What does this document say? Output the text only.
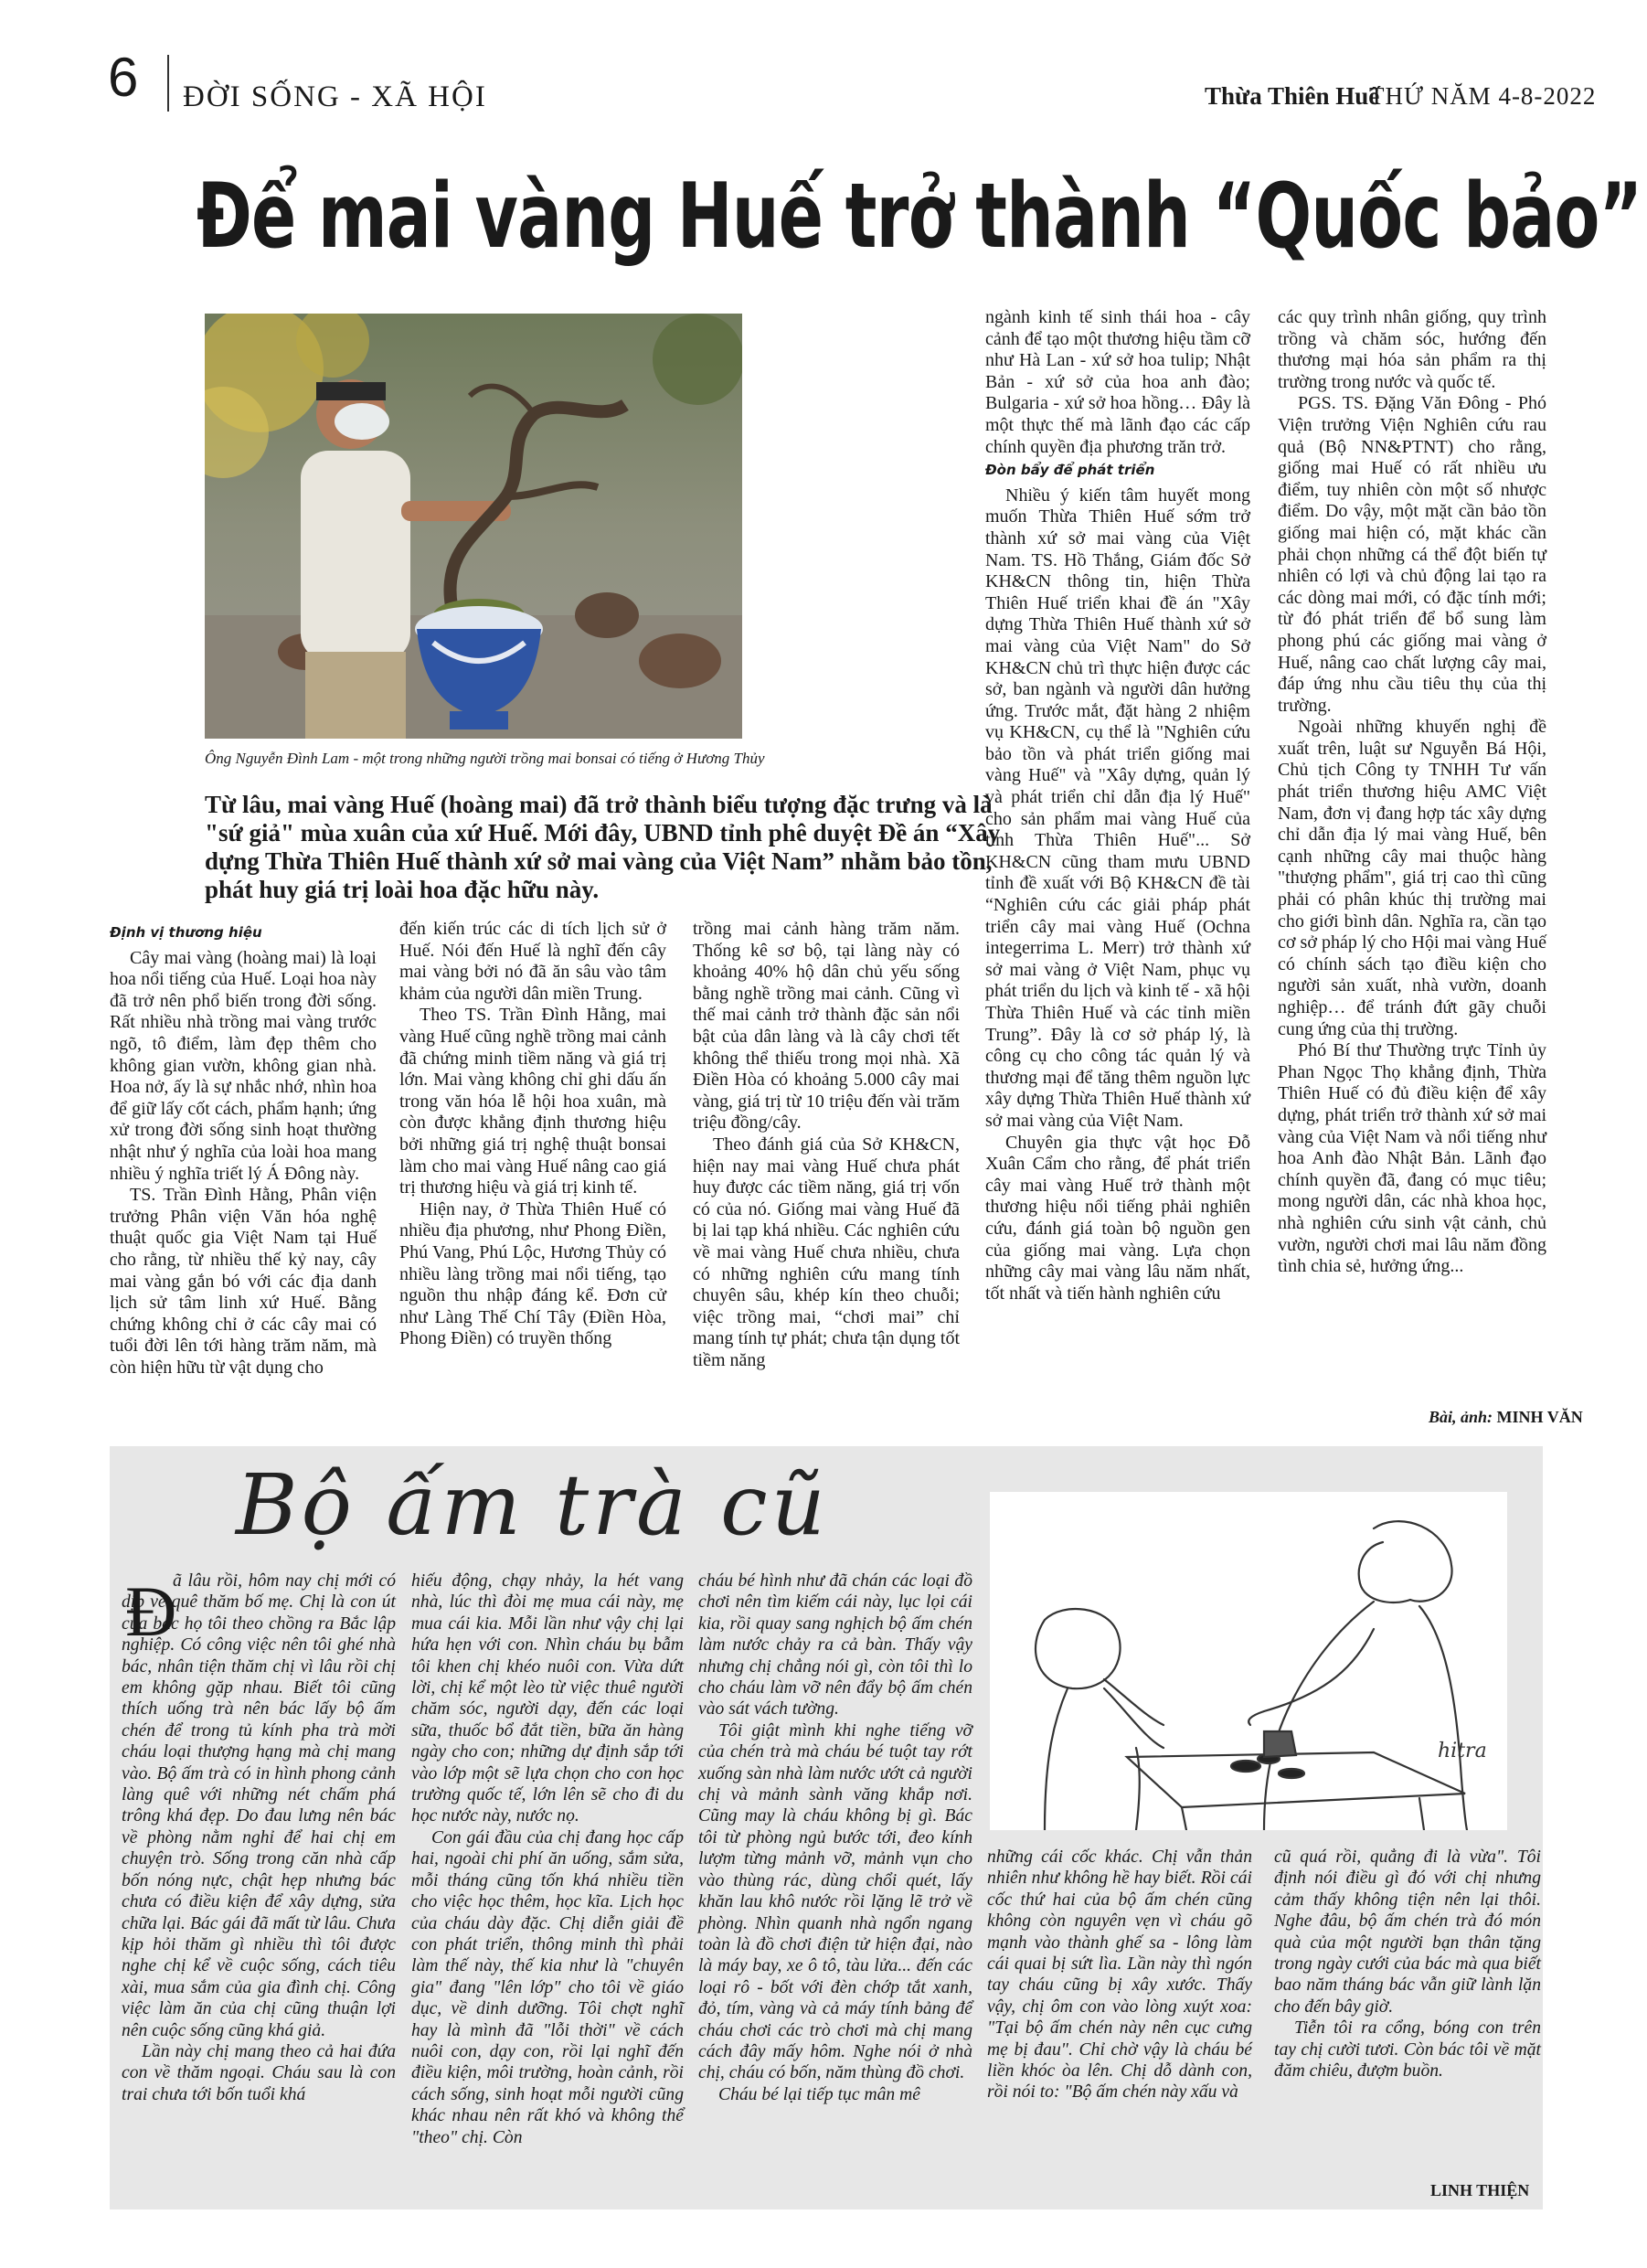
6 ĐỜI SỐNG - XÃ HỘI	Thừa Thiên Huế
THỨ NĂM 4-8-2022
Để mai vàng Huế trở thành “Quốc bảo”
Ông Nguyễn Đình Lam - một trong những người trồng mai bonsai có tiếng ở Hương Thủy
Từ lâu, mai vàng Huế (hoàng mai) đã trở thành biểu tượng đặc trưng và là "sứ giả" mùa xuân của xứ Huế. Mới đây, UBND tỉnh phê duyệt Đề án “Xây dựng Thừa Thiên Huế thành xứ sở mai vàng của Việt Nam” nhằm bảo tồn, phát huy giá trị loài hoa đặc hữu này.
Định vị thương hiệu

Cây mai vàng (hoàng mai) là loại hoa nổi tiếng của Huế. Loại hoa này đã trở nên phổ biến trong đời sống. Rất nhiều nhà trồng mai vàng trước ngõ, tô điểm, làm đẹp thêm cho không gian vườn, không gian nhà. Hoa nở, ấy là sự nhắc nhớ, nhìn hoa để giữ lấy cốt cách, phẩm hạnh; ứng xử trong đời sống sinh hoạt thường nhật như ý nghĩa của loài hoa mang nhiều ý nghĩa triết lý Á Đông này.

TS. Trần Đình Hằng, Phân viện trưởng Phân viện Văn hóa nghệ thuật quốc gia Việt Nam tại Huế cho rằng, từ nhiều thế kỷ nay, cây mai vàng gắn bó với các địa danh lịch sử tâm linh xứ Huế. Bằng chứng không chỉ ở các cây mai có tuổi đời lên tới hàng trăm năm, mà còn hiện hữu từ vật dụng cho

đến kiến trúc các di tích lịch sử ở Huế. Nói đến Huế là nghĩ đến cây mai vàng bởi nó đã ăn sâu vào tâm khảm của người dân miền Trung.

Theo TS. Trần Đình Hằng, mai vàng Huế cũng nghề trồng mai cảnh đã chứng minh tiềm năng và giá trị lớn. Mai vàng không chỉ ghi dấu ấn trong văn hóa lễ hội hoa xuân, mà còn được khẳng định thương hiệu bởi những giá trị nghệ thuật bonsai làm cho mai vàng Huế nâng cao giá trị thương hiệu và giá trị kinh tế.

Hiện nay, ở Thừa Thiên Huế có nhiều địa phương, như Phong Điền, Phú Vang, Phú Lộc, Hương Thủy có nhiều làng trồng mai nổi tiếng, tạo nguồn thu nhập đáng kể. Đơn cử như Làng Thế Chí Tây (Điền Hòa, Phong Điền) có truyền thống

trồng mai cảnh hàng trăm năm. Thống kê sơ bộ, tại làng này có khoảng 40% hộ dân chủ yếu sống bằng nghề trồng mai cảnh. Cũng vì thế mai cảnh trở thành đặc sản nổi bật của dân làng và là cây chơi tết không thể thiếu trong mọi nhà. Xã Điền Hòa có khoảng 5.000 cây mai vàng, giá trị từ 10 triệu đến vài trăm triệu đồng/cây.

Theo đánh giá của Sở KH&CN, hiện nay mai vàng Huế chưa phát huy được các tiềm năng, giá trị vốn có của nó. Giống mai vàng Huế đã bị lai tạp khá nhiều. Các nghiên cứu về mai vàng Huế chưa nhiều, chưa có những nghiên cứu mang tính chuyên sâu, khép kín theo chuỗi; việc trồng mai, “chơi mai” chỉ mang tính tự phát; chưa tận dụng tốt tiềm năng

ngành kinh tế sinh thái hoa - cây cảnh để tạo một thương hiệu tầm cỡ như Hà Lan - xứ sở hoa tulip; Nhật Bản - xứ sở của hoa anh đào; Bulgaria - xứ sở hoa hồng… Đây là một thực thế mà lãnh đạo các cấp chính quyền địa phương trăn trở.

Đòn bẩy để phát triển

Nhiều ý kiến tâm huyết mong muốn Thừa Thiên Huế sớm trở thành xứ sở mai vàng của Việt Nam. TS. Hồ Thắng, Giám đốc Sở KH&CN thông tin, hiện Thừa Thiên Huế triển khai đề án "Xây dựng Thừa Thiên Huế thành xứ sở mai vàng của Việt Nam" do Sở KH&CN chủ trì thực hiện được các sở, ban ngành và người dân hưởng ứng. Trước mắt, đặt hàng 2 nhiệm vụ KH&CN, cụ thể là "Nghiên cứu bảo tồn và phát triển giống mai vàng Huế" và "Xây dựng, quản lý và phát triển chỉ dẫn địa lý Huế" cho sản phẩm mai vàng Huế của tỉnh Thừa Thiên Huế"... Sở KH&CN cũng tham mưu UBND tỉnh đề xuất với Bộ KH&CN đề tài “Nghiên cứu các giải pháp phát triển cây mai vàng Huế (Ochna integerrima L. Merr) trở thành xứ sở mai vàng ở Việt Nam, phục vụ phát triển du lịch và kinh tế - xã hội Thừa Thiên Huế và các tỉnh miền Trung”. Đây là cơ sở pháp lý, là công cụ cho công tác quản lý và thương mại để tăng thêm nguồn lực xây dựng Thừa Thiên Huế thành xứ sở mai vàng của Việt Nam.

Chuyên gia thực vật học Đỗ Xuân Cẩm cho rằng, để phát triển cây mai vàng Huế trở thành một thương hiệu nổi tiếng phải nghiên cứu, đánh giá toàn bộ nguồn gen của giống mai vàng. Lựa chọn những cây mai vàng lâu năm nhất, tốt nhất và tiến hành nghiên cứu

các quy trình nhân giống, quy trình trồng và chăm sóc, hướng đến thương mại hóa sản phẩm ra thị trường trong nước và quốc tế.

PGS. TS. Đặng Văn Đông - Phó Viện trưởng Viện Nghiên cứu rau quả (Bộ NN&PTNT) cho rằng, giống mai Huế có rất nhiều ưu điểm, tuy nhiên còn một số nhược điểm. Do vậy, một mặt cần bảo tồn giống mai hiện có, mặt khác cần phải chọn những cá thể đột biến tự nhiên có lợi và chủ động lai tạo ra các dòng mai mới, có đặc tính mới; từ đó phát triển để bổ sung làm phong phú các giống mai vàng ở Huế, nâng cao chất lượng cây mai, đáp ứng nhu cầu tiêu thụ của thị trường.

Ngoài những khuyến nghị đề xuất trên, luật sư Nguyễn Bá Hội, Chủ tịch Công ty TNHH Tư vấn phát triển thương hiệu AMC Việt Nam, đơn vị đang hợp tác xây dựng chỉ dẫn địa lý mai vàng Huế, bên cạnh những cây mai thuộc hàng "thượng phẩm", giá trị cao thì cũng phải có phân khúc thị trường mai cho giới bình dân. Nghĩa ra, cần tạo cơ sở pháp lý cho Hội mai vàng Huế có chính sách tạo điều kiện cho người sản xuất, nhà vườn, doanh nghiệp… để tránh đứt gãy chuỗi cung ứng của thị trường.

Phó Bí thư Thường trực Tỉnh ủy Phan Ngọc Thọ khẳng định, Thừa Thiên Huế có đủ điều kiện để xây dựng, phát triển trở thành xứ sở mai vàng của Việt Nam và nổi tiếng như hoa Anh đào Nhật Bản. Lãnh đạo chính quyền đã, đang có mục tiêu; mong người dân, các nhà khoa học, nhà nghiên cứu sinh vật cảnh, chủ vườn, người chơi mai lâu năm đồng tình chia sẻ, hưởng ứng...

Bài, ảnh: MINH VĂN
Bộ ấm trà cũ
Đ

ã lâu rồi, hôm nay chị mới có dịp về quê thăm bố mẹ. Chị là con út của bác họ tôi theo chồng ra Bắc lập nghiệp. Có công việc nên tôi ghé nhà bác, nhân tiện thăm chị vì lâu rồi chị em không gặp nhau. Biết tôi cũng thích uống trà nên bác lấy bộ ấm chén để trong tủ kính pha trà mời cháu loại thượng hạng mà chị mang vào. Bộ ấm trà có in hình phong cảnh làng quê với những nét chấm phá trông khá đẹp. Do đau lưng nên bác về phòng nằm nghỉ để hai chị em chuyện trò. Sống trong căn nhà cấp bốn nóng nực, chật hẹp nhưng bác chưa có điều kiện để xây dựng, sửa chữa lại. Bác gái đã mất từ lâu. Chưa kịp hỏi thăm gì nhiều thì tôi được nghe chị kể về cuộc sống, cách tiêu xài, mua sắm của gia đình chị. Công việc làm ăn của chị cũng thuận lợi nên cuộc sống cũng khá giả.

Lần này chị mang theo cả hai đứa con về thăm ngoại. Cháu sau là con trai chưa tới bốn tuổi khá

hiếu động, chạy nhảy, la hét vang nhà, lúc thì đòi mẹ mua cái này, mẹ mua cái kia. Mỗi lần như vậy chị lại hứa hẹn với con. Nhìn cháu bụ bẫm tôi khen chị khéo nuôi con. Vừa dứt lời, chị kể một lèo từ việc thuê người chăm sóc, người dạy, đến các loại sữa, thuốc bổ đắt tiền, bữa ăn hàng ngày cho con; những dự định sắp tới vào lớp một sẽ lựa chọn cho con học trường quốc tế, lớn lên sẽ cho đi du học nước này, nước nọ.

Con gái đầu của chị đang học cấp hai, ngoài chi phí ăn uống, sắm sửa, mỗi tháng cũng tốn khá nhiều tiền cho việc học thêm, học kĩa. Lịch học của cháu dày đặc. Chị diễn giải đề con phát triển, thông minh thì phải làm thế này, thế kia như là "chuyên gia" đang "lên lớp" cho tôi về giáo dục, về dinh dưỡng. Tôi chợt nghĩ hay là mình đã "lỗi thời" về cách nuôi con, dạy con, rồi lại nghĩ đến điều kiện, môi trường, hoàn cảnh, rồi cách sống, sinh hoạt mỗi người cũng khác nhau nên rất khó và không thể "theo" chị. Còn

cháu bé hình như đã chán các loại đồ chơi nên tìm kiếm cái này, lục lọi cái kia, rồi quay sang nghịch bộ ấm chén làm nước chảy ra cả bàn. Thấy vậy nhưng chị chẳng nói gì, còn tôi thì lo cho cháu làm vỡ nên đẩy bộ ấm chén vào sát vách tường.

Tôi giật mình khi nghe tiếng vỡ của chén trà mà cháu bé tuột tay rớt xuống sàn nhà làm nước ướt cả người chị và mảnh sành văng khắp nơi. Cũng may là cháu không bị gì. Bác tôi từ phòng ngủ bước tới, đeo kính lượm từng mảnh vỡ, mảnh vụn cho vào thùng rác, dùng chổi quét, lấy khăn lau khô nước rồi lặng lẽ trở về phòng. Nhìn quanh nhà ngổn ngang toàn là đồ chơi điện tử hiện đại, nào là máy bay, xe ô tô, tàu lửa... đến các loại rô - bốt với đèn chớp tắt xanh, đỏ, tím, vàng và cả máy tính bảng để cháu chơi các trò chơi mà chị mang cách đây mấy hôm. Nghe nói ở nhà chị, cháu có bốn, năm thùng đồ chơi.

Cháu bé lại tiếp tục mân mê

hitra

những cái cốc khác. Chị vẫn thản nhiên như không hề hay biết. Rồi cái cốc thứ hai của bộ ấm chén cũng không còn nguyên vẹn vì cháu gõ mạnh vào thành ghế sa - lông làm cái quai bị sứt lìa. Lần này thì ngón tay cháu cũng bị xây xước. Thấy vậy, chị ôm con vào lòng xuýt xoa: "Tại bộ ấm chén này nên cục cưng mẹ bị đau". Chỉ chờ vậy là cháu bé liền khóc òa lên. Chị dỗ dành con, rồi nói to: "Bộ ấm chén này xấu và

cũ quá rồi, quẳng đi là vừa". Tôi định nói điều gì đó với chị nhưng cảm thấy không tiện nên lại thôi. Nghe đâu, bộ ấm chén trà đó món quà của một người bạn thân tặng trong ngày cưới của bác mà qua biết bao năm tháng bác vẫn giữ lành lặn cho đến bây giờ.

Tiễn tôi ra cổng, bóng con trên tay chị cười tươi. Còn bác tôi về mặt đăm chiêu, đượm buồn.

LINH THIỆN
